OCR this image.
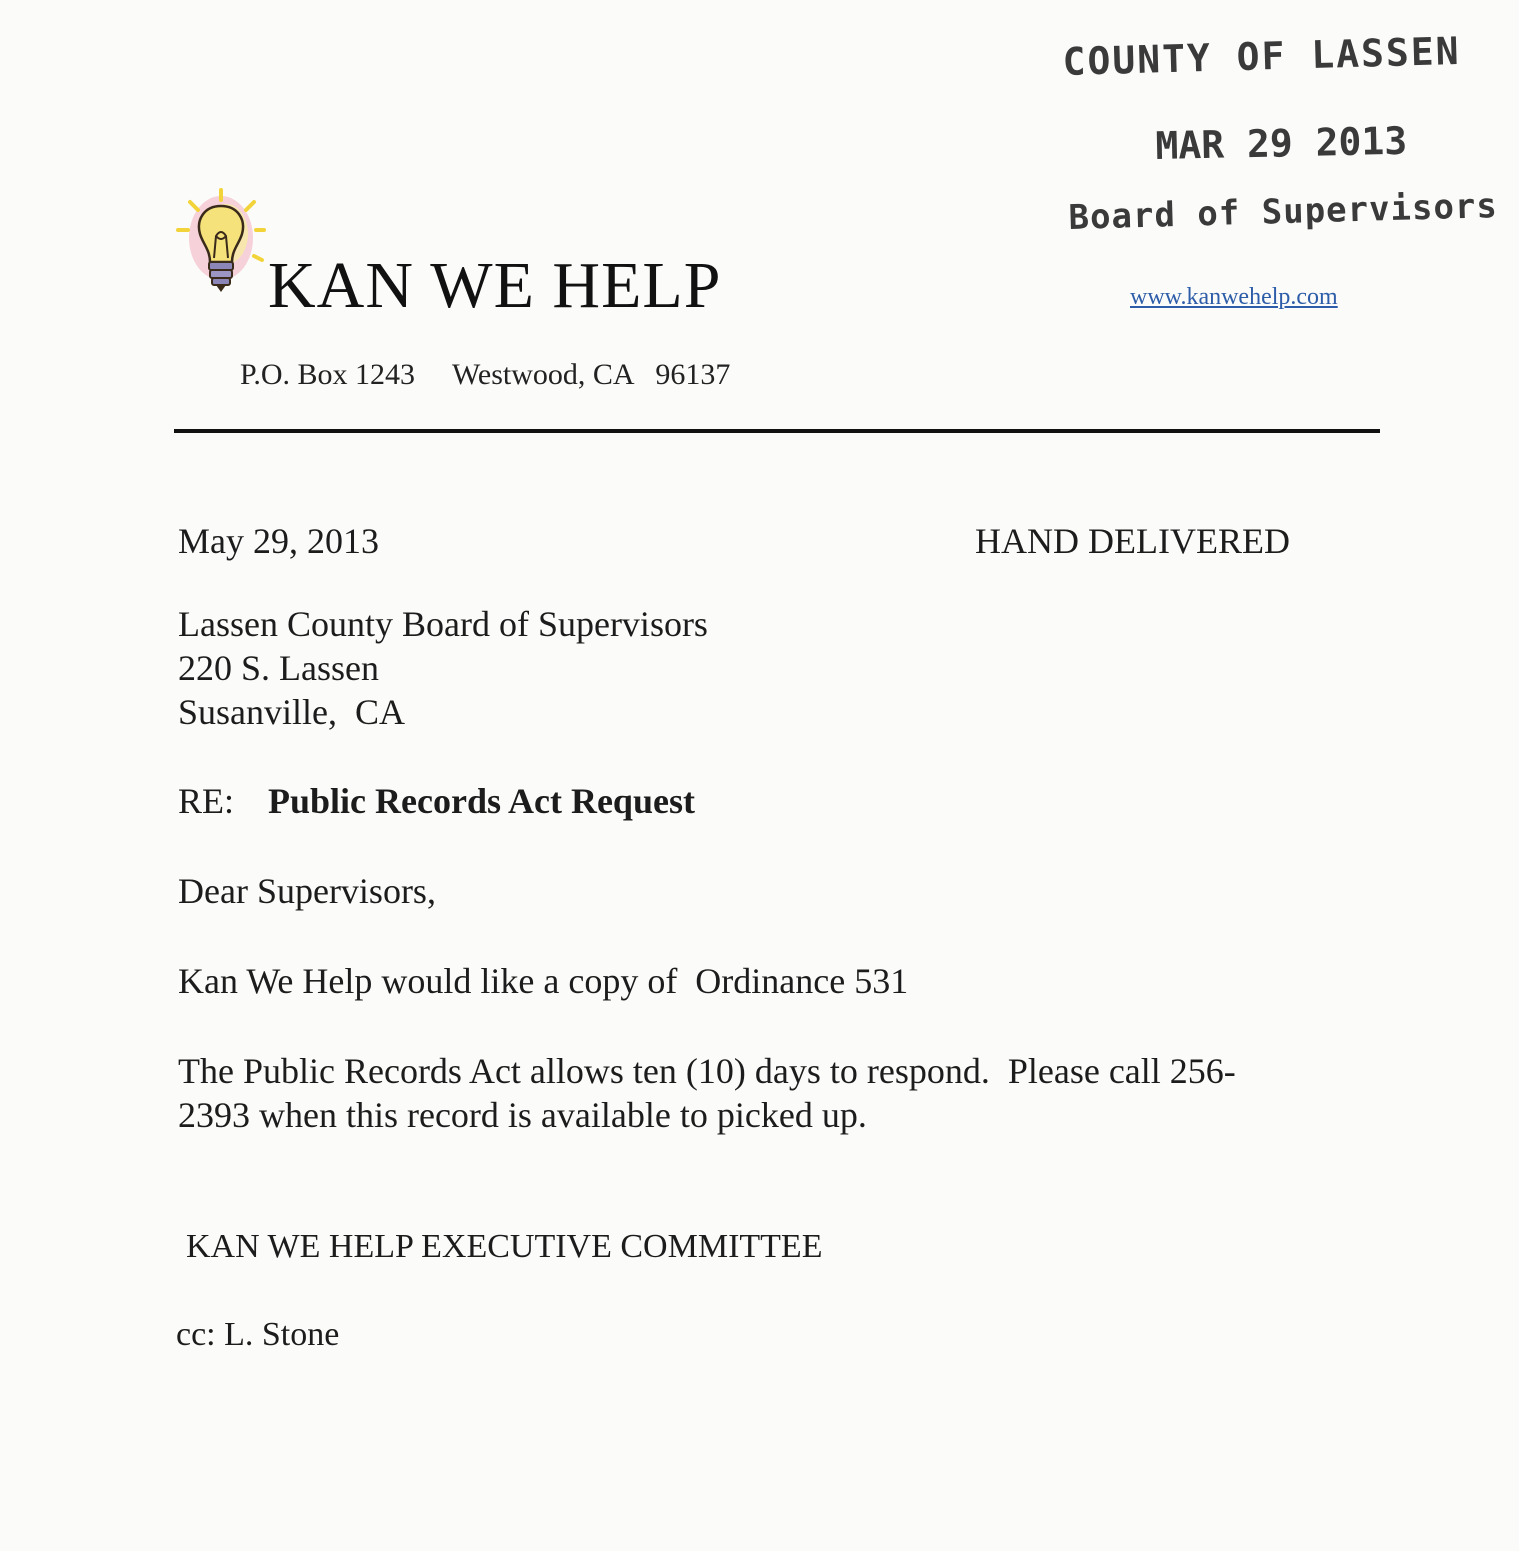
COUNTY OF LASSEN
MAR 29 2013
Board of Supervisors
KAN WE HELP	www.kanwehelp.com
P.O. Box 1243     Westwood, CA   96137
May 29, 2013	HAND DELIVERED
Lassen County Board of Supervisors
220 S. Lassen
Susanville,  CA
RE: Public Records Act Request
Dear Supervisors,
Kan We Help would like a copy of  Ordinance 531
The Public Records Act allows ten (10) days to respond.  Please call 256-
2393 when this record is available to picked up.
KAN WE HELP EXECUTIVE COMMITTEE
cc: L. Stone
